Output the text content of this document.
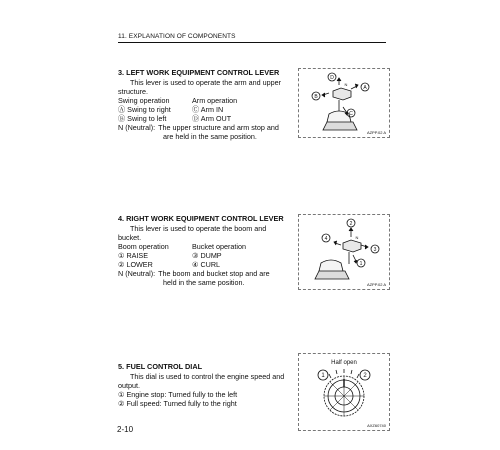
11. EXPLANATION OF COMPONENTS
3. LEFT WORK EQUIPMENT CONTROL LEVER
This lever is used to operate the arm and upper
structure.
Swing operation	Arm operation
Ⓐ Swing to right	Ⓒ Arm IN
Ⓑ Swing to left	Ⓓ Arm OUT
N (Neutral): The upper structure and arm stop and
are held in the same position.
D
A
B
C
N
AZPP.02 A
4. RIGHT WORK EQUIPMENT CONTROL LEVER
This lever is used to operate the boom and
bucket.
Boom operation	Bucket operation
① RAISE	③ DUMP
② LOWER	④ CURL
N (Neutral): The boom and bucket stop and are
held in the same position.
2
4
3
1
N
AZPP.02 A
5. FUEL CONTROL DIAL
This dial is used to control the engine speed and
output.
① Engine stop: Turned fully to the left
② Full speed: Turned fully to the right
Half open
1	2
AXZ60740
2-10
